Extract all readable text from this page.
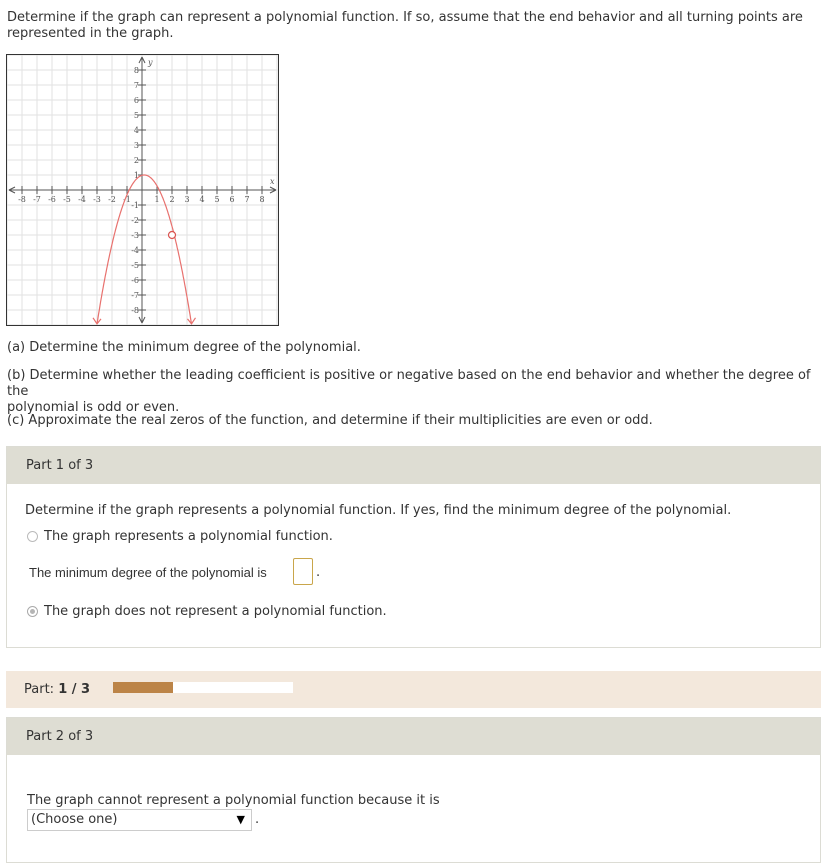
Determine if the graph can represent a polynomial function. If so, assume that the end behavior and all turning points are
represented in the graph.
-8 -7 -6 -5 -4 -3 -2 -1	1 2 3 4 5 6 7 8
8
7
6
5
4
3
2
1
-1
-2
-3
-4
-5
-6
-7
-8
x
y
(a) Determine the minimum degree of the polynomial.
(b) Determine whether the leading coefficient is positive or negative based on the end behavior and whether the degree of the
polynomial is odd or even.
(c) Approximate the real zeros of the function, and determine if their multiplicities are even or odd.
Part 1 of 3
Determine if the graph represents a polynomial function. If yes, find the minimum degree of the polynomial.
The graph represents a polynomial function.
The minimum degree of the polynomial is	.
The graph does not represent a polynomial function.
Part: 1 / 3
Part 2 of 3
The graph cannot represent a polynomial function because it is
(Choose one)	▼ .
